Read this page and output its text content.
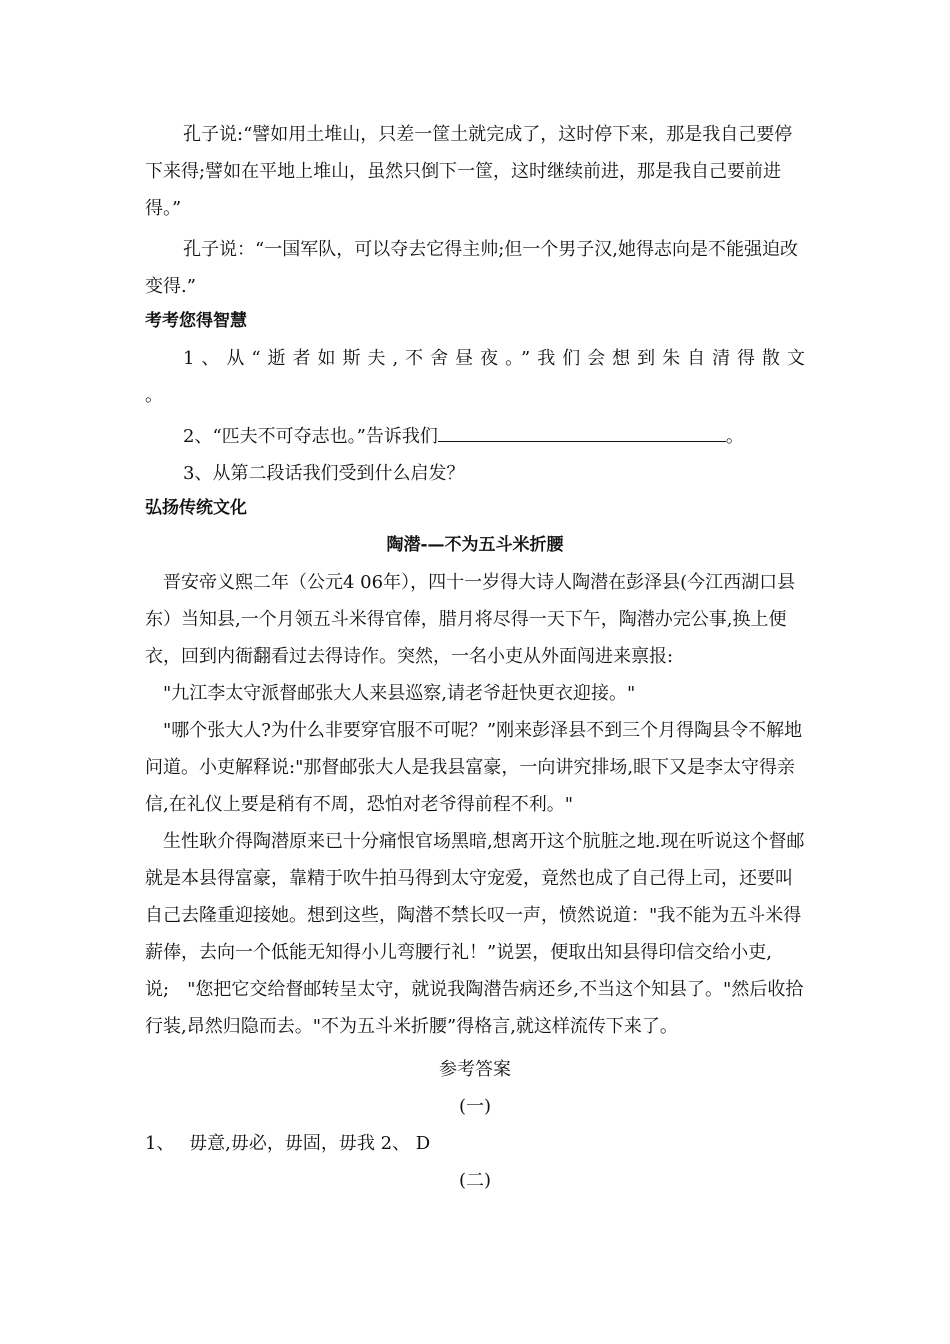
孔子说:“譬如用土堆山，只差一筐土就完成了，这时停下来，那是我自己要停下来得;譬如在平地上堆山，虽然只倒下一筐，这时继续前进，那是我自己要前进得。”

孔子说：“一国军队，可以夺去它得主帅;但一个男子汉,她得志向是不能强迫改变得.”

考考您得智慧

1、从“逝者如斯夫,不舍昼夜。”我们会想到朱自清得散文

。

2、“匹夫不可夺志也。”告诉我们	。

3、从第二段话我们受到什么启发？

弘扬传统文化

陶潜-—不为五斗米折腰

晋安帝义熙二年（公元4 06年），四十一岁得大诗人陶潜在彭泽县(今江西湖口县东）当知县,一个月领五斗米得官俸，腊月将尽得一天下午，陶潜办完公事,换上便衣，回到内衙翻看过去得诗作。突然，一名小吏从外面闯进来禀报:

"九江李太守派督邮张大人来县巡察,请老爷赶快更衣迎接。"

"哪个张大人?为什么非要穿官服不可呢？”刚来彭泽县不到三个月得陶县令不解地问道。小吏解释说:"那督邮张大人是我县富豪，一向讲究排场,眼下又是李太守得亲信,在礼仪上要是稍有不周，恐怕对老爷得前程不利。"

生性耿介得陶潜原来已十分痛恨官场黑暗,想离开这个肮脏之地.现在听说这个督邮就是本县得富豪，靠精于吹牛拍马得到太守宠爱，竟然也成了自己得上司，还要叫自己去隆重迎接她。想到这些，陶潜不禁长叹一声，愤然说道："我不能为五斗米得薪俸，去向一个低能无知得小儿弯腰行礼！”说罢，便取出知县得印信交给小吏,说;　"您把它交给督邮转呈太守，就说我陶潜告病还乡,不当这个知县了。"然后收拾行装,昂然归隐而去。"不为五斗米折腰”得格言,就这样流传下来了。

参考答案

(一)

1、　 毋意,毋必，毋固，毋我 2、 D

(二)
